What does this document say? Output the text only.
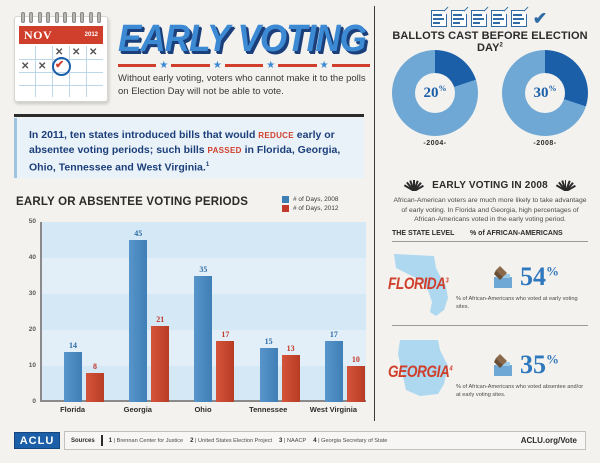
NOV	2012
✕ ✕
✕
✕ ✕ ✔
EARLY VOTING
★	★	★	★
Without early voting, voters who cannot make it to the polls on Election Day will not be able to vote.
In 2011, ten states introduced bills that would REDUCE early or absentee voting periods; such bills PASSED in Florida, Georgia, Ohio, Tennessee and West Virginia.$^1$
EARLY OR ABSENTEE VOTING PERIODS	# of Days, 2008
# of Days, 2012
0
10
20
30
40
50
14
8
45
21
35
17
15
13
17
10
Florida	Georgia	Ohio	Tennessee	West Virginia
✔
BALLOTS CAST BEFORE ELECTION DAY$^2$
20%
-2004-
30%
-2008-
EARLY VOTING IN 2008
African-American voters are much more likely to take advantage of early voting. In Florida and Georgia, high percentages of African-Americans voted in the early voting period.
THE STATE LEVEL	% of AFRICAN-AMERICANS
FLORIDA$^3$	54%
% of African-Americans who voted at early voting sites.
GEORGIA$^4$	35%
% of African-Americans who voted absentee and/or at early voting sites.
ACLU	Sources	1 | Brennan Center for Justice 2 | United States Election Project 3 | NAACP 4 | Georgia Secretary of State	ACLU.org/Vote
